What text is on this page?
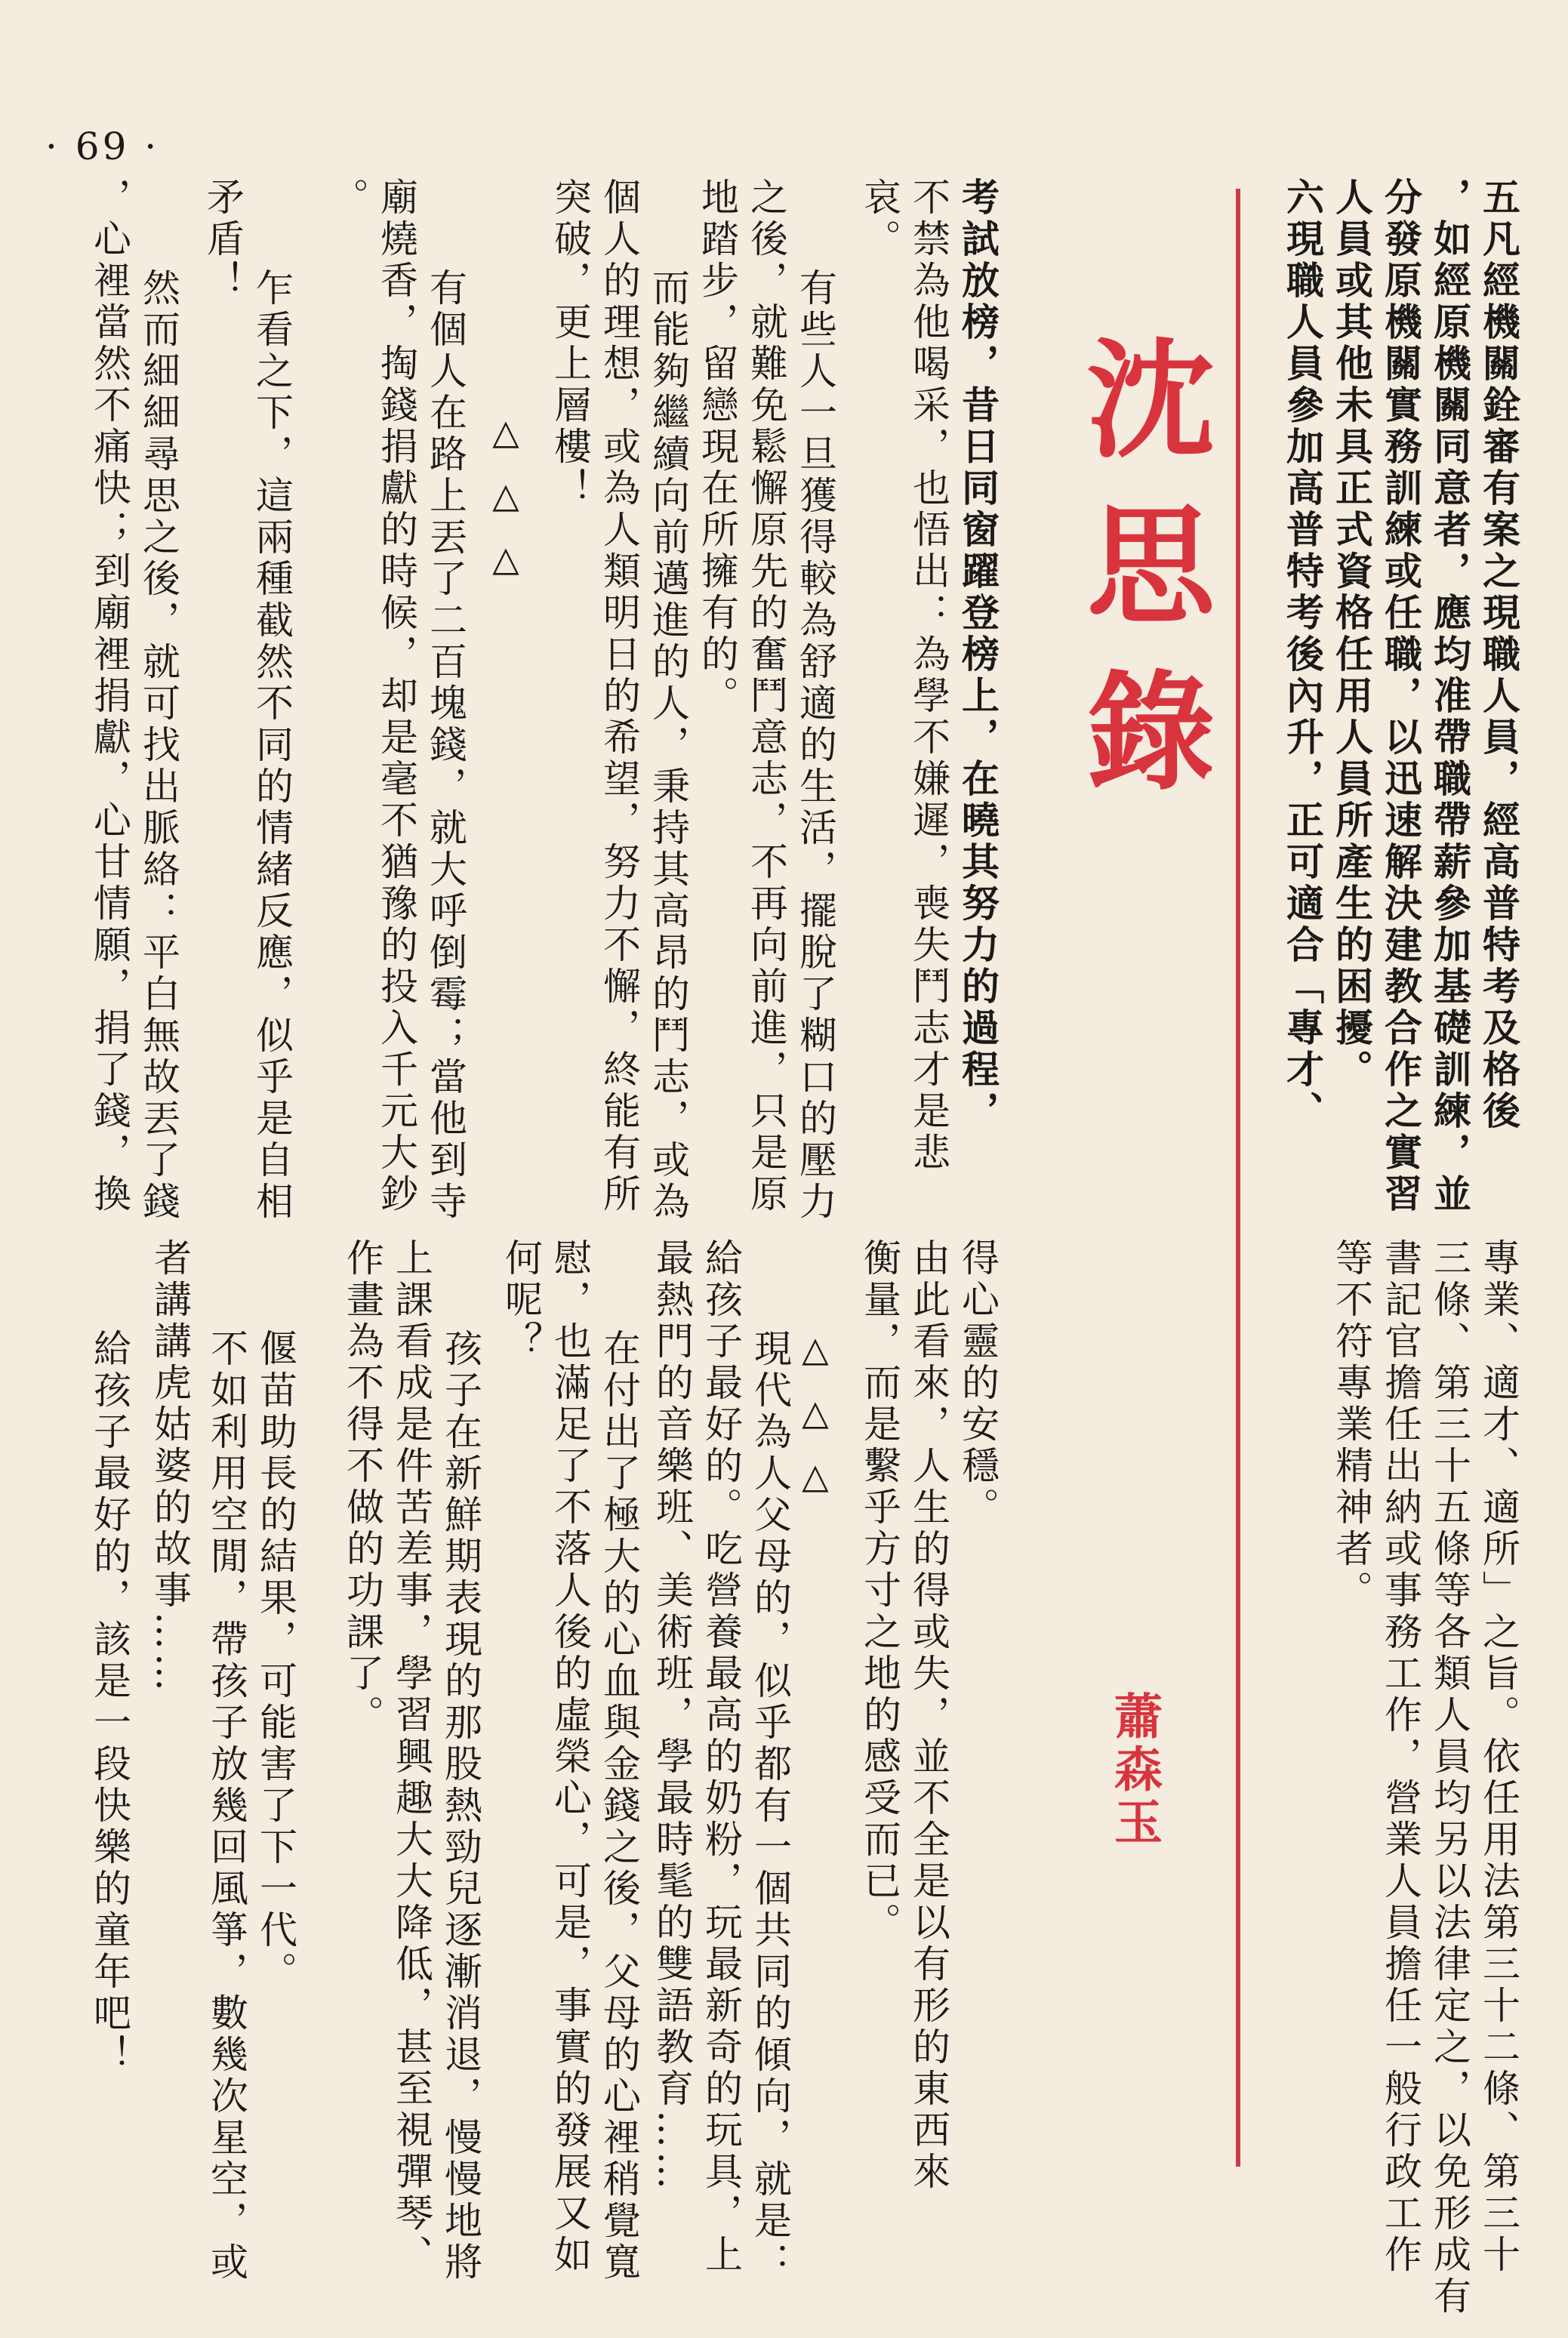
· 69 ·
沈思錄
蕭森玉
五凡經機關銓審有案之現職人員，經高普特考及格後
，如經原機關同意者，應均准帶職帶薪參加基礎訓練，並
分發原機關實務訓練或任職，以迅速解決建教合作之實習
人員或其他未具正式資格任用人員所產生的困擾。
六現職人員參加高普特考後內升，正可適合「專才、
專業、適才、適所」之旨。依任用法第三十二條、第三十
三條、第三十五條等各類人員均另以法律定之，以免形成有
書記官擔任出納或事務工作，營業人員擔任一般行政工作
等不符專業精神者。
得心靈的安穩。
由此看來，人生的得或失，並不全是以有形的東西來
衡量，而是繫乎方寸之地的感受而已。
考試放榜，昔日同窗躍登榜上，在曉其努力的過程，
不禁為他喝采，也悟出：為學不嫌遲，喪失鬥志才是悲
哀。
有些人一旦獲得較為舒適的生活，擺脫了糊口的壓力
之後，就難免鬆懈原先的奮鬥意志，不再向前進，只是原
地踏步，留戀現在所擁有的。
而能夠繼續向前邁進的人，秉持其高昂的鬥志，或為
個人的理想，或為人類明日的希望，努力不懈，終能有所
突破，更上層樓！
△△△
有個人在路上丟了二百塊錢，就大呼倒霉；當他到寺
廟燒香，掏錢捐獻的時候，却是毫不猶豫的投入千元大鈔
。
乍看之下，這兩種截然不同的情緒反應，似乎是自相
矛盾！
然而細細尋思之後，就可找出脈絡：平白無故丟了錢
，心裡當然不痛快；到廟裡捐獻，心甘情願，捐了錢，換
△△△
現代為人父母的，似乎都有一個共同的傾向，就是：
給孩子最好的。吃營養最高的奶粉，玩最新奇的玩具，上
最熱門的音樂班、美術班，學最時髦的雙語教育……
在付出了極大的心血與金錢之後，父母的心裡稍覺寬
慰，也滿足了不落人後的虛榮心，可是，事實的發展又如
何呢？
孩子在新鮮期表現的那股熱勁兒逐漸消退，慢慢地將
上課看成是件苦差事，學習興趣大大降低，甚至視彈琴、
作畫為不得不做的功課了。
偃苗助長的結果，可能害了下一代。
不如利用空閒，帶孩子放幾回風箏，數幾次星空，或
者講講虎姑婆的故事……
給孩子最好的，該是一段快樂的童年吧！
